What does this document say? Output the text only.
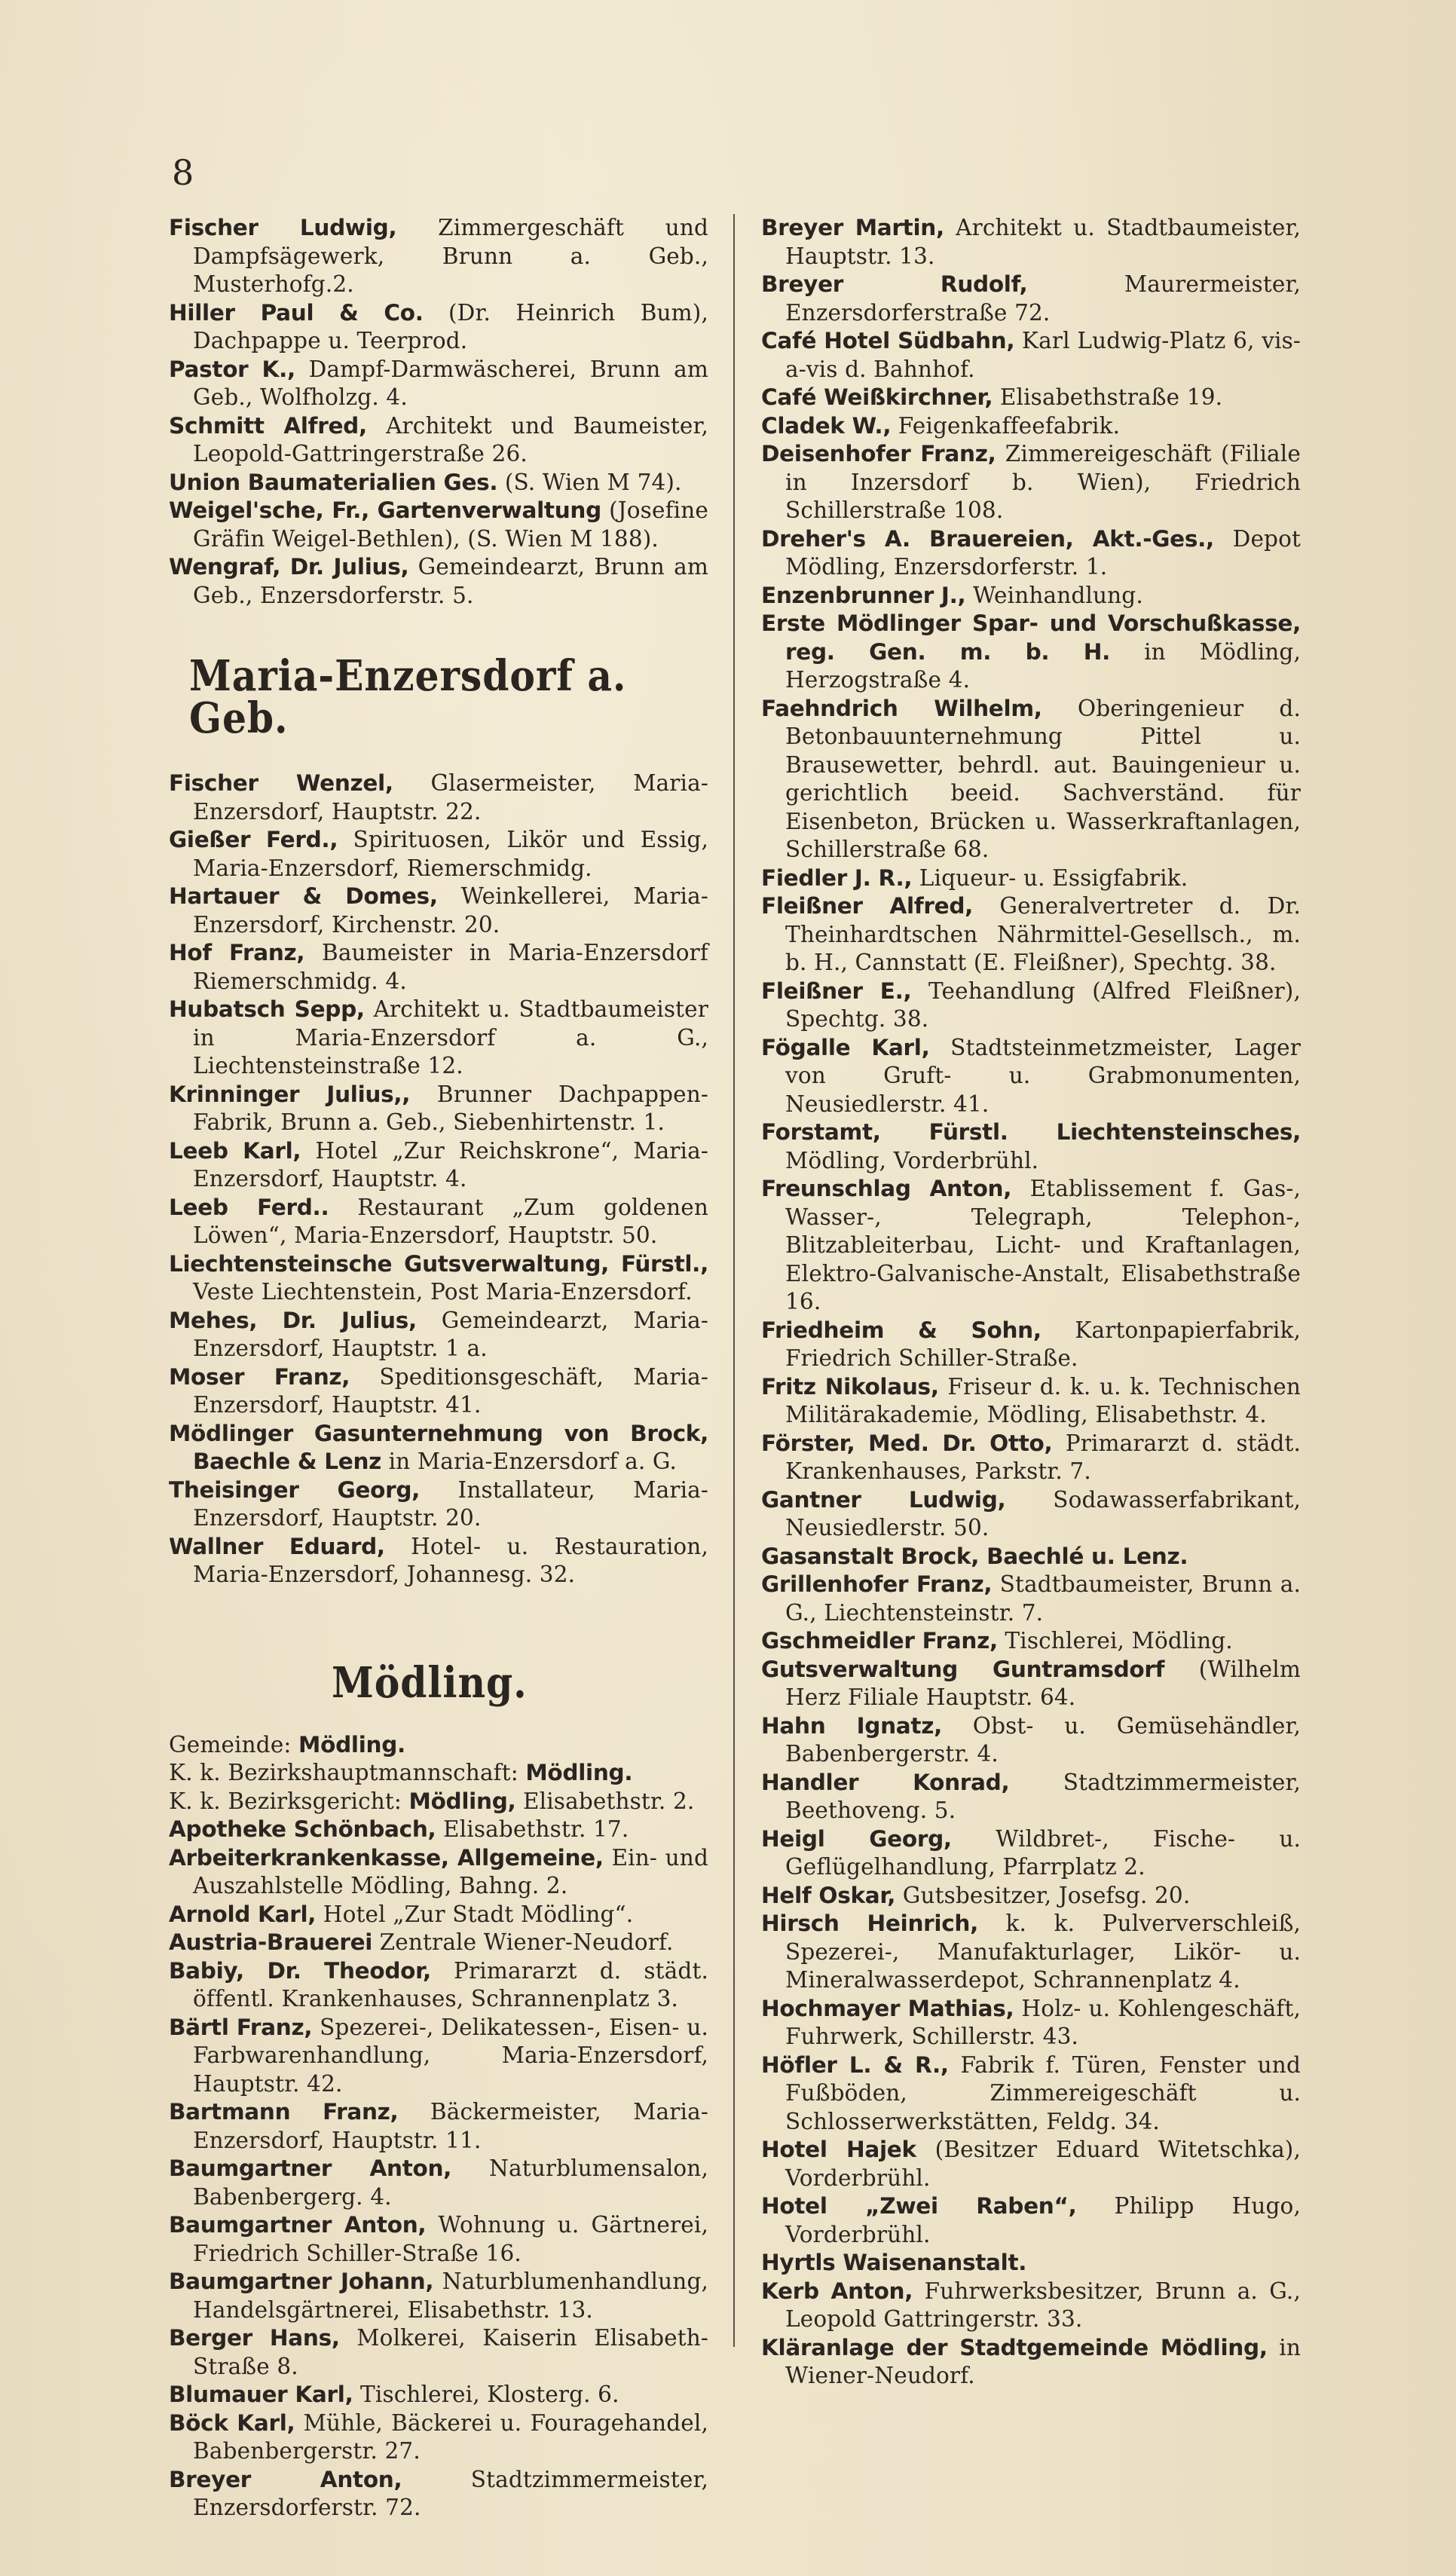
8

Fischer Ludwig, Zimmergeschäft und Dampfsägewerk, Brunn a. Geb., Musterhofg.2.

Hiller Paul & Co. (Dr. Heinrich Bum), Dachpappe u. Teerprod.

Pastor K., Dampf-Darmwäscherei, Brunn am Geb., Wolfholzg. 4.

Schmitt Alfred, Architekt und Baumeister, Leopold-Gattringerstraße 26.

Union Baumaterialien Ges. (S. Wien M 74).

Weigel'sche, Fr., Gartenverwaltung (Josefine Gräfin Weigel-Bethlen), (S. Wien M 188).

Wengraf, Dr. Julius, Gemeindearzt, Brunn am Geb., Enzersdorferstr. 5.

Maria-Enzersdorf a. Geb.

Fischer Wenzel, Glasermeister, Maria-Enzersdorf, Hauptstr. 22.

Gießer Ferd., Spirituosen, Likör und Essig, Maria-Enzersdorf, Riemerschmidg.

Hartauer & Domes, Weinkellerei, Maria-Enzersdorf, Kirchenstr. 20.

Hof Franz, Baumeister in Maria-Enzersdorf Riemerschmidg. 4.

Hubatsch Sepp, Architekt u. Stadtbaumeister in Maria-Enzersdorf a. G., Liechtensteinstraße 12.

Krinninger Julius,, Brunner Dachpappen-Fabrik, Brunn a. Geb., Siebenhirtenstr. 1.

Leeb Karl, Hotel „Zur Reichskrone“, Maria-Enzersdorf, Hauptstr. 4.

Leeb Ferd.. Restaurant „Zum goldenen Löwen“, Maria-Enzersdorf, Hauptstr. 50.

Liechtensteinsche Gutsverwaltung, Fürstl., Veste Liechtenstein, Post Maria-Enzersdorf.

Mehes, Dr. Julius, Gemeindearzt, Maria-Enzersdorf, Hauptstr. 1 a.

Moser Franz, Speditionsgeschäft, Maria-Enzersdorf, Hauptstr. 41.

Mödlinger Gasunternehmung von Brock, Baechle & Lenz in Maria-Enzersdorf a. G.

Theisinger Georg, Installateur, Maria-Enzersdorf, Hauptstr. 20.

Wallner Eduard, Hotel- u. Restauration, Maria-Enzersdorf, Johannesg. 32.

Mödling.

Gemeinde: Mödling.

K. k. Bezirkshauptmannschaft: Mödling.

K. k. Bezirksgericht: Mödling, Elisabethstr. 2.

Apotheke Schönbach, Elisabethstr. 17.

Arbeiterkrankenkasse, Allgemeine, Ein- und Auszahlstelle Mödling, Bahng. 2.

Arnold Karl, Hotel „Zur Stadt Mödling“.

Austria-Brauerei Zentrale Wiener-Neudorf.

Babiy, Dr. Theodor, Primararzt d. städt. öffentl. Krankenhauses, Schrannenplatz 3.

Bärtl Franz, Spezerei-, Delikatessen-, Eisen- u. Farbwarenhandlung, Maria-Enzersdorf, Hauptstr. 42.

Bartmann Franz, Bäckermeister, Maria-Enzersdorf, Hauptstr. 11.

Baumgartner Anton, Naturblumensalon, Babenbergerg. 4.

Baumgartner Anton, Wohnung u. Gärtnerei, Friedrich Schiller-Straße 16.

Baumgartner Johann, Naturblumenhandlung, Handelsgärtnerei, Elisabethstr. 13.

Berger Hans, Molkerei, Kaiserin Elisabeth-Straße 8.

Blumauer Karl, Tischlerei, Klosterg. 6.

Böck Karl, Mühle, Bäckerei u. Fouragehandel, Babenbergerstr. 27.

Breyer Anton, Stadtzimmermeister, Enzersdorferstr. 72.

Breyer Martin, Architekt u. Stadtbaumeister, Hauptstr. 13.

Breyer Rudolf, Maurermeister, Enzersdorferstraße 72.

Café Hotel Südbahn, Karl Ludwig-Platz 6, vis-a-vis d. Bahnhof.

Café Weißkirchner, Elisabethstraße 19.

Cladek W., Feigenkaffeefabrik.

Deisenhofer Franz, Zimmereigeschäft (Filiale in Inzersdorf b. Wien), Friedrich Schillerstraße 108.

Dreher's A. Brauereien, Akt.-Ges., Depot Mödling, Enzersdorferstr. 1.

Enzenbrunner J., Weinhandlung.

Erste Mödlinger Spar- und Vorschußkasse, reg. Gen. m. b. H. in Mödling, Herzogstraße 4.

Faehndrich Wilhelm, Oberingenieur d. Betonbauunternehmung Pittel u. Brausewetter, behrdl. aut. Bauingenieur u. gerichtlich beeid. Sachverständ. für Eisenbeton, Brücken u. Wasserkraftanlagen, Schillerstraße 68.

Fiedler J. R., Liqueur- u. Essigfabrik.

Fleißner Alfred, Generalvertreter d. Dr. Theinhardtschen Nährmittel-Gesellsch., m. b. H., Cannstatt (E. Fleißner), Spechtg. 38.

Fleißner E., Teehandlung (Alfred Fleißner), Spechtg. 38.

Fögalle Karl, Stadtsteinmetzmeister, Lager von Gruft- u. Grabmonumenten, Neusiedlerstr. 41.

Forstamt, Fürstl. Liechtensteinsches, Mödling, Vorderbrühl.

Freunschlag Anton, Etablissement f. Gas-, Wasser-, Telegraph, Telephon-, Blitzableiterbau, Licht- und Kraftanlagen, Elektro-Galvanische-Anstalt, Elisabethstraße 16.

Friedheim & Sohn, Kartonpapierfabrik, Friedrich Schiller-Straße.

Fritz Nikolaus, Friseur d. k. u. k. Technischen Militärakademie, Mödling, Elisabethstr. 4.

Förster, Med. Dr. Otto, Primararzt d. städt. Krankenhauses, Parkstr. 7.

Gantner Ludwig, Sodawasserfabrikant, Neusiedlerstr. 50.

Gasanstalt Brock, Baechlé u. Lenz.

Grillenhofer Franz, Stadtbaumeister, Brunn a. G., Liechtensteinstr. 7.

Gschmeidler Franz, Tischlerei, Mödling.

Gutsverwaltung Guntramsdorf (Wilhelm Herz Filiale Hauptstr. 64.

Hahn Ignatz, Obst- u. Gemüsehändler, Babenbergerstr. 4.

Handler Konrad, Stadtzimmermeister, Beethoveng. 5.

Heigl Georg, Wildbret-, Fische- u. Geflügelhandlung, Pfarrplatz 2.

Helf Oskar, Gutsbesitzer, Josefsg. 20.

Hirsch Heinrich, k. k. Pulververschleiß, Spezerei-, Manufakturlager, Likör- u. Mineralwasserdepot, Schrannenplatz 4.

Hochmayer Mathias, Holz- u. Kohlengeschäft, Fuhrwerk, Schillerstr. 43.

Höfler L. & R., Fabrik f. Türen, Fenster und Fußböden, Zimmereigeschäft u. Schlosserwerkstätten, Feldg. 34.

Hotel Hajek (Besitzer Eduard Witetschka), Vorderbrühl.

Hotel „Zwei Raben“, Philipp Hugo, Vorderbrühl.

Hyrtls Waisenanstalt.

Kerb Anton, Fuhrwerksbesitzer, Brunn a. G., Leopold Gattringerstr. 33.

Kläranlage der Stadtgemeinde Mödling, in Wiener-Neudorf.
